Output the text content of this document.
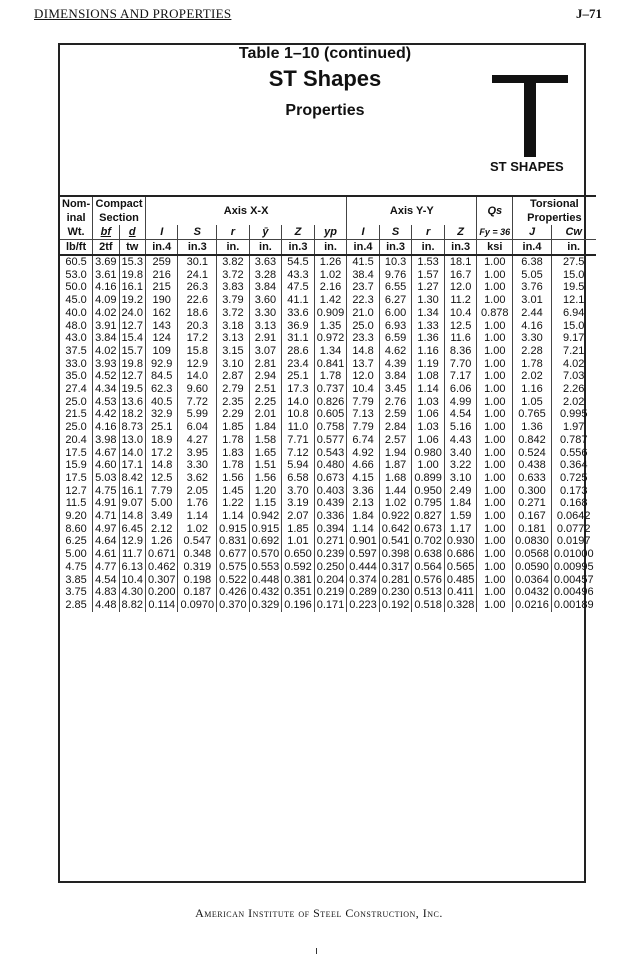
DIMENSIONS AND PROPERTIES	J–71
Table 1–10 (continued)
ST Shapes
Properties
ST SHAPES
Nom-	Compact		Axis X-X						Axis Y-Y				Qs	Torsional	
inal	Section													Properties	
Wt.	bf	d	I	S	r	ȳ	Z	yp	I	S	r	Z	Fy = 36	J	Cw
lb/ft	2tf	tw	in.4	in.3	in.	in.	in.3	in.	in.4	in.3	in.	in.3	ksi	in.4	in.
60.5	3.69	15.3	259	30.1	3.82	3.63	54.5	1.26	41.5	10.3	1.53	18.1	1.00	6.38	27.5
53.0	3.61	19.8	216	24.1	3.72	3.28	43.3	1.02	38.4	9.76	1.57	16.7	1.00	5.05	15.0
50.0	4.16	16.1	215	26.3	3.83	3.84	47.5	2.16	23.7	6.55	1.27	12.0	1.00	3.76	19.5
45.0	4.09	19.2	190	22.6	3.79	3.60	41.1	1.42	22.3	6.27	1.30	11.2	1.00	3.01	12.1
40.0	4.02	24.0	162	18.6	3.72	3.30	33.6	0.909	21.0	6.00	1.34	10.4	0.878	2.44	6.94
48.0	3.91	12.7	143	20.3	3.18	3.13	36.9	1.35	25.0	6.93	1.33	12.5	1.00	4.16	15.0
43.0	3.84	15.4	124	17.2	3.13	2.91	31.1	0.972	23.3	6.59	1.36	11.6	1.00	3.30	9.17
37.5	4.02	15.7	109	15.8	3.15	3.07	28.6	1.34	14.8	4.62	1.16	8.36	1.00	2.28	7.21
33.0	3.93	19.8	92.9	12.9	3.10	2.81	23.4	0.841	13.7	4.39	1.19	7.70	1.00	1.78	4.02
35.0	4.52	12.7	84.5	14.0	2.87	2.94	25.1	1.78	12.0	3.84	1.08	7.17	1.00	2.02	7.03
27.4	4.34	19.5	62.3	9.60	2.79	2.51	17.3	0.737	10.4	3.45	1.14	6.06	1.00	1.16	2.26
25.0	4.53	13.6	40.5	7.72	2.35	2.25	14.0	0.826	7.79	2.76	1.03	4.99	1.00	1.05	2.02
21.5	4.42	18.2	32.9	5.99	2.29	2.01	10.8	0.605	7.13	2.59	1.06	4.54	1.00	0.765	0.995
25.0	4.16	8.73	25.1	6.04	1.85	1.84	11.0	0.758	7.79	2.84	1.03	5.16	1.00	1.36	1.97
20.4	3.98	13.0	18.9	4.27	1.78	1.58	7.71	0.577	6.74	2.57	1.06	4.43	1.00	0.842	0.787
17.5	4.67	14.0	17.2	3.95	1.83	1.65	7.12	0.543	4.92	1.94	0.980	3.40	1.00	0.524	0.556
15.9	4.60	17.1	14.8	3.30	1.78	1.51	5.94	0.480	4.66	1.87	1.00	3.22	1.00	0.438	0.364
17.5	5.03	8.42	12.5	3.62	1.56	1.56	6.58	0.673	4.15	1.68	0.899	3.10	1.00	0.633	0.725
12.7	4.75	16.1	7.79	2.05	1.45	1.20	3.70	0.403	3.36	1.44	0.950	2.49	1.00	0.300	0.173
11.5	4.91	9.07	5.00	1.76	1.22	1.15	3.19	0.439	2.13	1.02	0.795	1.84	1.00	0.271	0.168
9.20	4.71	14.8	3.49	1.14	1.14	0.942	2.07	0.336	1.84	0.922	0.827	1.59	1.00	0.167	0.0642
8.60	4.97	6.45	2.12	1.02	0.915	0.915	1.85	0.394	1.14	0.642	0.673	1.17	1.00	0.181	0.0772
6.25	4.64	12.9	1.26	0.547	0.831	0.692	1.01	0.271	0.901	0.541	0.702	0.930	1.00	0.0830	0.0197
5.00	4.61	11.7	0.671	0.348	0.677	0.570	0.650	0.239	0.597	0.398	0.638	0.686	1.00	0.0568	0.01000
4.75	4.77	6.13	0.462	0.319	0.575	0.553	0.592	0.250	0.444	0.317	0.564	0.565	1.00	0.0590	0.00995
3.85	4.54	10.4	0.307	0.198	0.522	0.448	0.381	0.204	0.374	0.281	0.576	0.485	1.00	0.0364	0.00457
3.75	4.83	4.30	0.200	0.187	0.426	0.432	0.351	0.219	0.289	0.230	0.513	0.411	1.00	0.0432	0.00496
2.85	4.48	8.82	0.114	0.0970	0.370	0.329	0.196	0.171	0.223	0.192	0.518	0.328	1.00	0.0216	0.00189
American Institute of Steel Construction, Inc.
